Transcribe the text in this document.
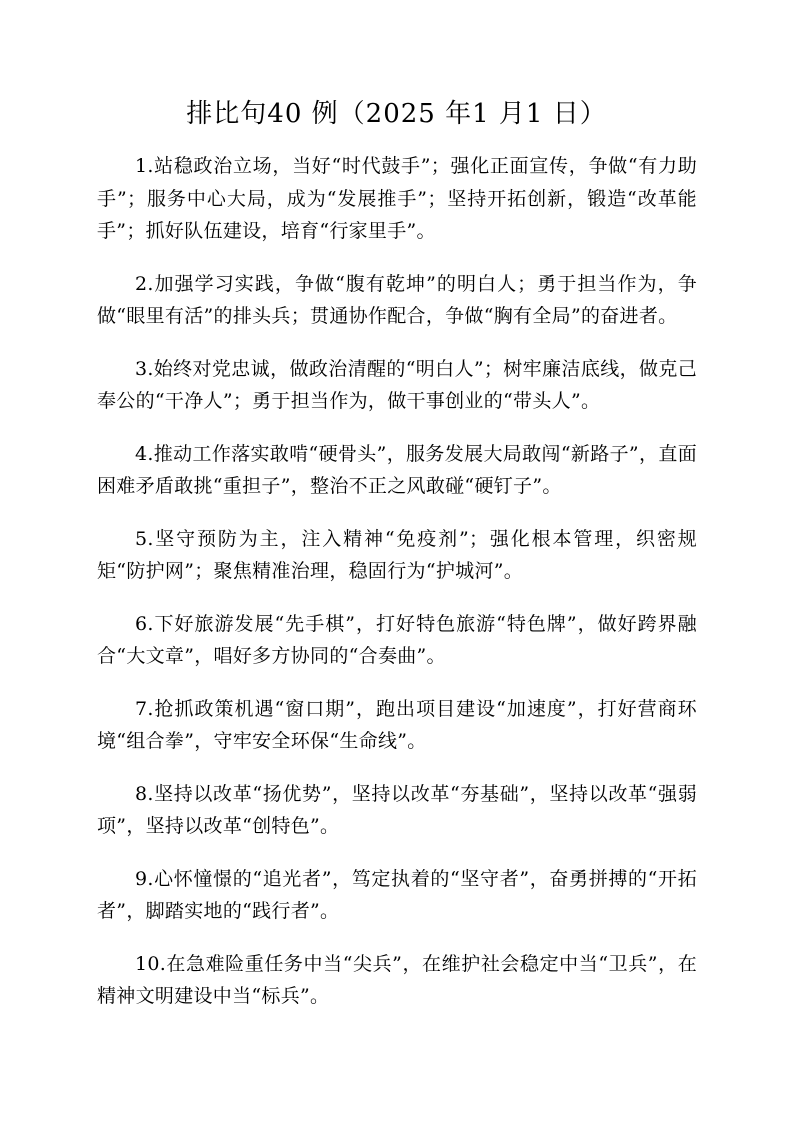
排比句40 例（2025 年1 月1 日）

1.站稳政治立场，当好“时代鼓手”；强化正面宣传，争做“有力助手”；服务中心大局，成为“发展推手”；坚持开拓创新，锻造“改革能手”；抓好队伍建设，培育“行家里手”。

2.加强学习实践，争做“腹有乾坤”的明白人；勇于担当作为，争做“眼里有活”的排头兵；贯通协作配合，争做“胸有全局”的奋进者。

3.始终对党忠诚，做政治清醒的“明白人”；树牢廉洁底线，做克己奉公的“干净人”；勇于担当作为，做干事创业的“带头人”。

4.推动工作落实敢啃“硬骨头”，服务发展大局敢闯“新路子”，直面困难矛盾敢挑“重担子”，整治不正之风敢碰“硬钉子”。

5.坚守预防为主，注入精神“免疫剂”；强化根本管理，织密规矩“防护网”；聚焦精准治理，稳固行为“护城河”。

6.下好旅游发展“先手棋”，打好特色旅游“特色牌”，做好跨界融合“大文章”，唱好多方协同的“合奏曲”。

7.抢抓政策机遇“窗口期”，跑出项目建设“加速度”，打好营商环境“组合拳”，守牢安全环保“生命线”。

8.坚持以改革“扬优势”，坚持以改革“夯基础”，坚持以改革“强弱项”，坚持以改革“创特色”。

9.心怀憧憬的“追光者”，笃定执着的“坚守者”，奋勇拼搏的“开拓者”，脚踏实地的“践行者”。

10.在急难险重任务中当“尖兵”，在维护社会稳定中当“卫兵”，在精神文明建设中当“标兵”。
